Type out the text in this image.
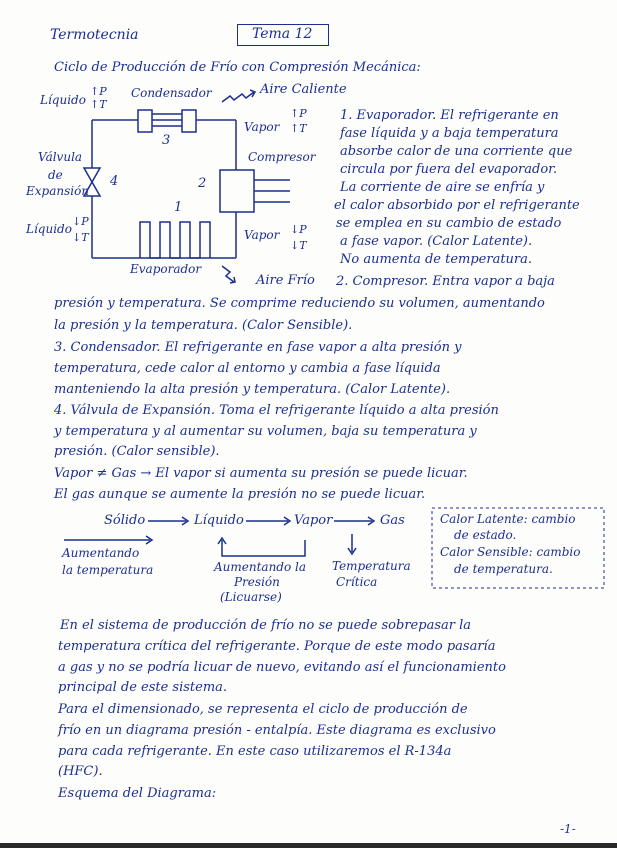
Termotecnia	Tema 12
Ciclo de Producción de Frío con Compresión Mecánica:
Líquido
↑P
↑T
Condensador	Aire Caliente
3
Vapor
↑P
↑T
Compresor
2
Válvula
de
Expansión
4
1
Líquido
↓P
↓T	Vapor ↓P
↓T
Evaporador
Aire Frío
1. Evaporador. El refrigerante en
fase líquida y a baja temperatura
absorbe calor de una corriente que
circula por fuera del evaporador.
La corriente de aire se enfría y
el calor absorbido por el refrigerante
se emplea en su cambio de estado
a fase vapor. (Calor Latente).
No aumenta de temperatura.
2. Compresor. Entra vapor a baja
presión y temperatura. Se comprime reduciendo su volumen, aumentando
la presión y la temperatura. (Calor Sensible).
3. Condensador. El refrigerante en fase vapor a alta presión y
temperatura, cede calor al entorno y cambia a fase líquida
manteniendo la alta presión y temperatura. (Calor Latente).
4. Válvula de Expansión. Toma el refrigerante líquido a alta presión
y temperatura y al aumentar su volumen, baja su temperatura y
presión. (Calor sensible).
Vapor ≠ Gas → El vapor si aumenta su presión se puede licuar.
El gas aunque se aumente la presión no se puede licuar.
Sólido	Líquido	Vapor	Gas
Aumentando
la temperatura	Aumentando la
Presión
(Licuarse)
Temperatura
Crítica
Calor Latente: cambio
de estado.
Calor Sensible: cambio
de temperatura.
En el sistema de producción de frío no se puede sobrepasar la
temperatura crítica del refrigerante. Porque de este modo pasaría
a gas y no se podría licuar de nuevo, evitando así el funcionamiento
principal de este sistema.
Para el dimensionado, se representa el ciclo de producción de
frío en un diagrama presión - entalpía. Este diagrama es exclusivo
para cada refrigerante. En este caso utilizaremos el R-134a
(HFC).
Esquema del Diagrama:
-1-
